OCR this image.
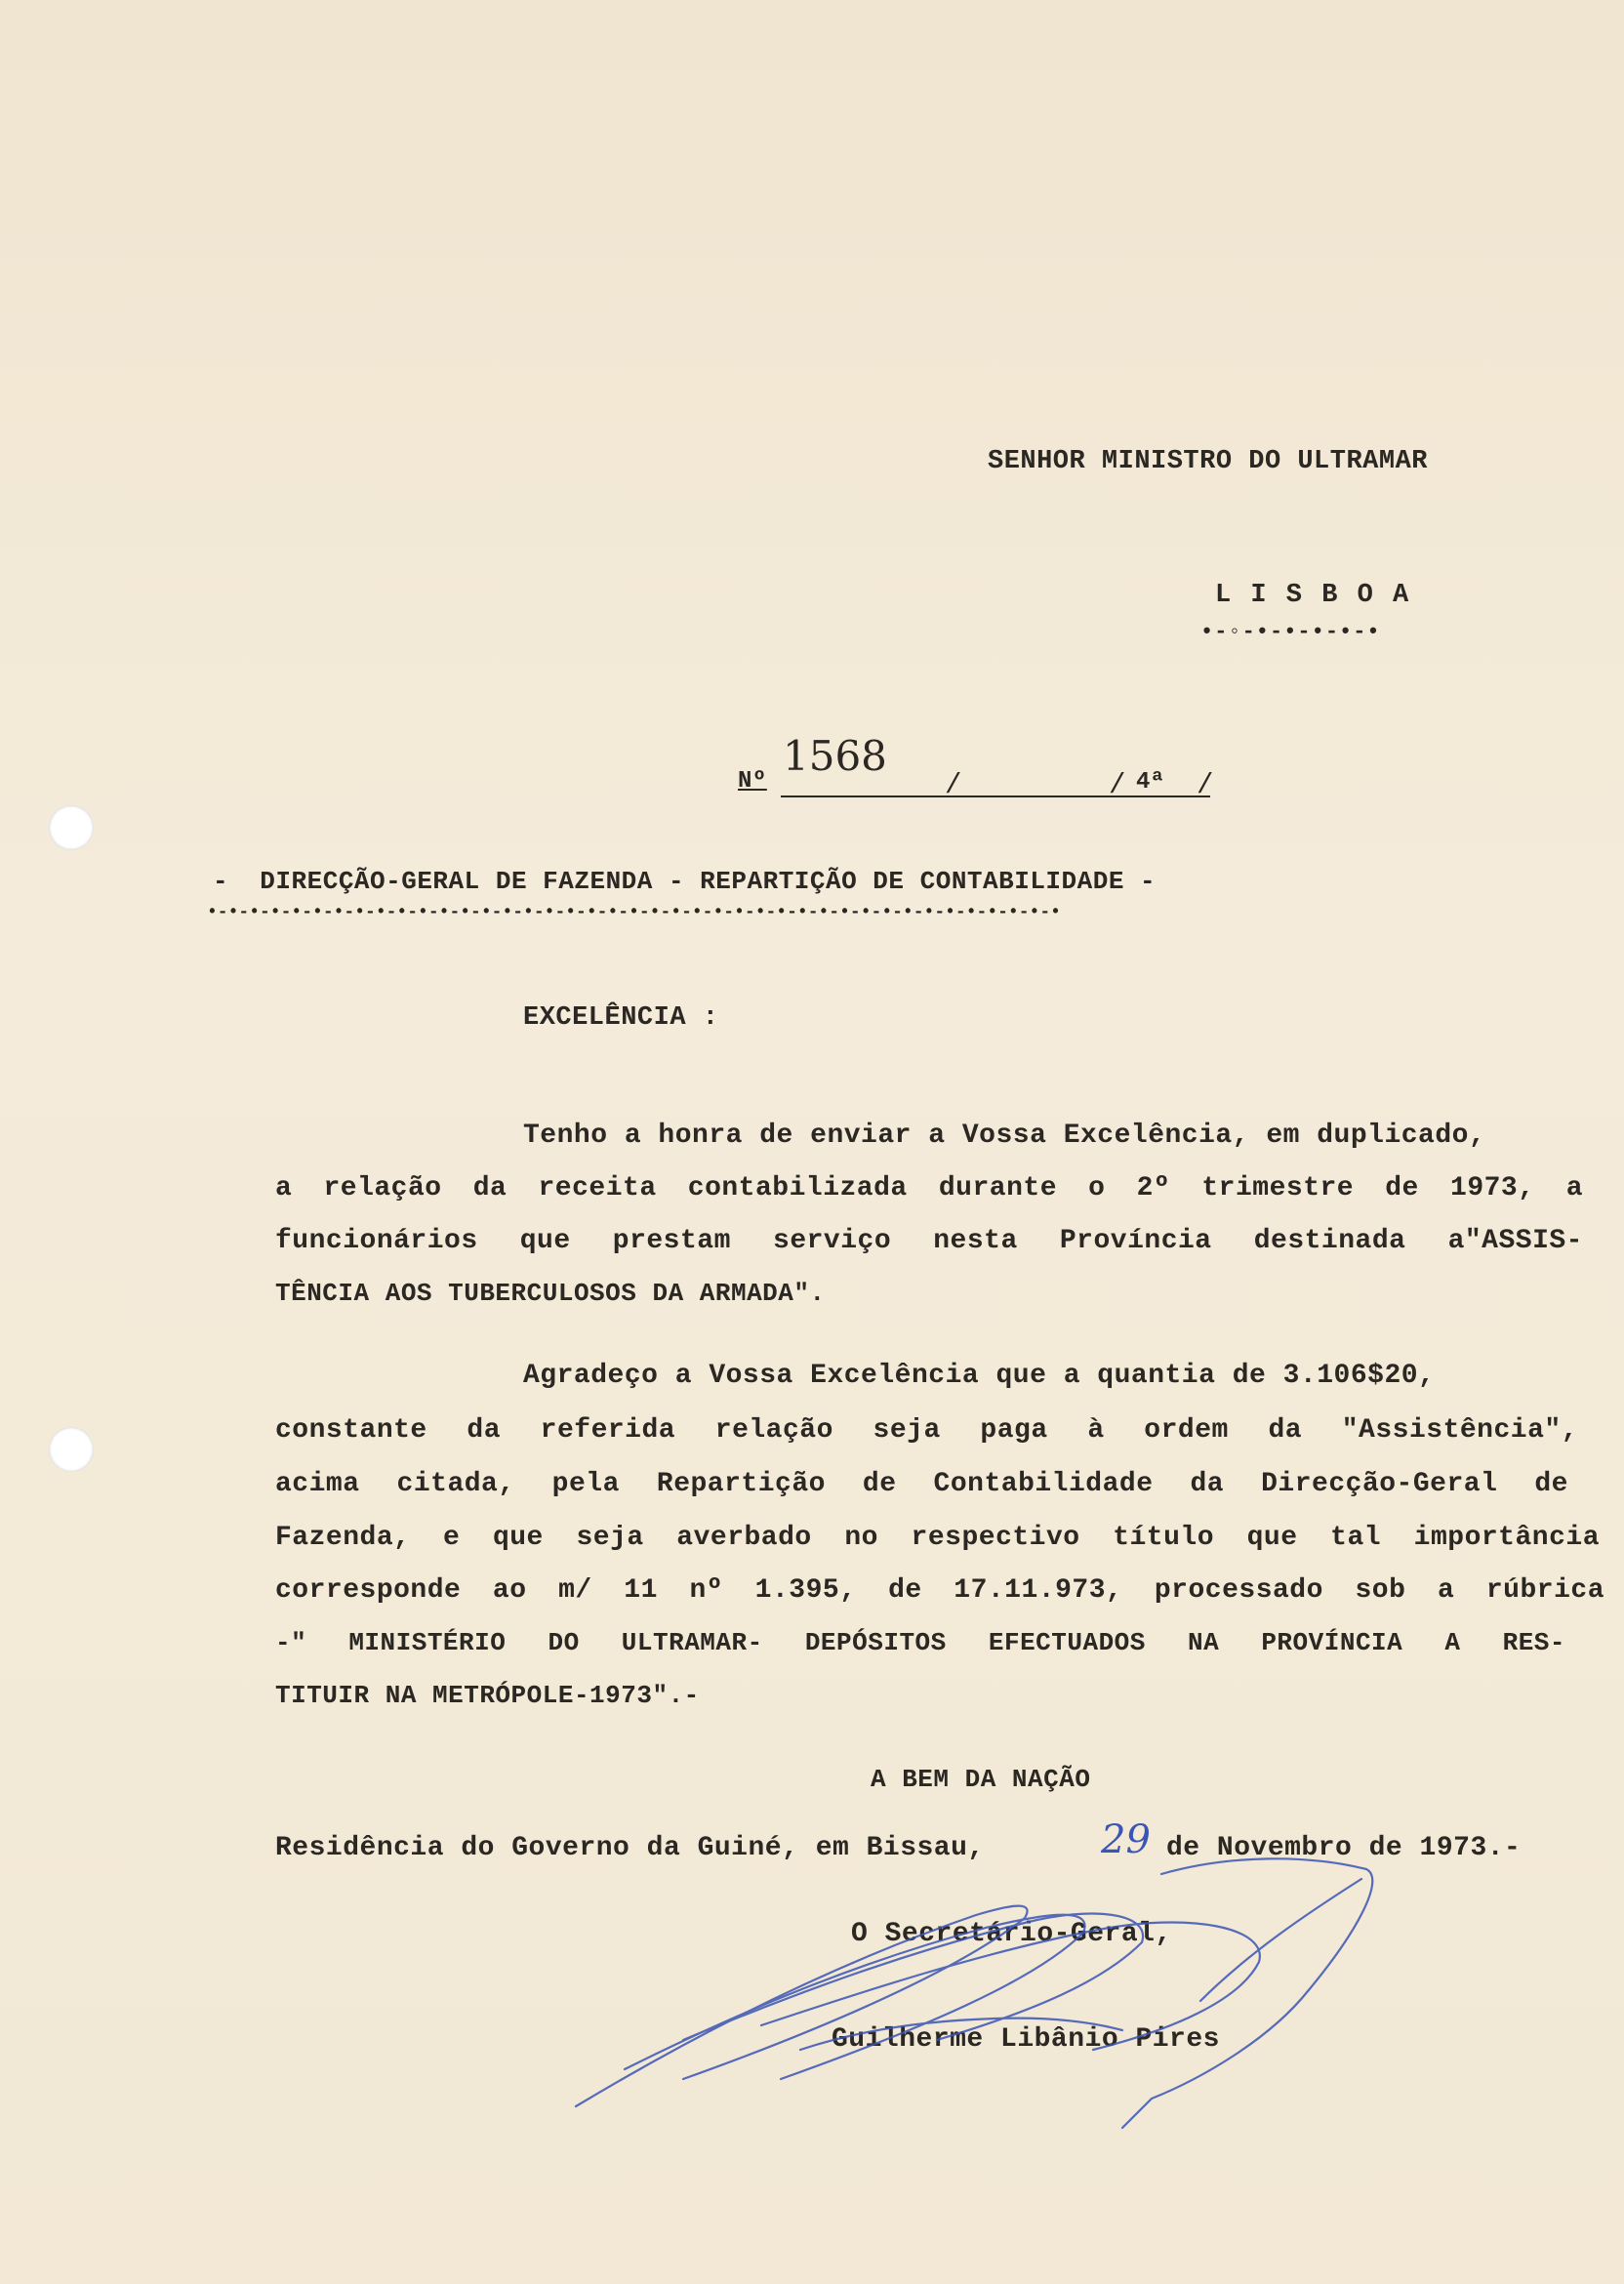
SENHOR MINISTRO DO ULTRAMAR
L I S B O A
•-◦-•-•-•-•-•
Nº
1568
/	/ 4ª /
-  DIRECÇÃO-GERAL DE FAZENDA - REPARTIÇÃO DE CONTABILIDADE -
•-•-•-•-•-•-•-•-•-•-•-•-•-•-•-•-•-•-•-•-•-•-•-•-•-•-•-•-•-•-•-•-•-•-•-•-•-•-•-•-•
EXCELÊNCIA :
Tenho a honra de enviar a Vossa Excelência, em duplicado,
a relação da receita contabilizada durante o 2º trimestre de 1973, a
funcionários que prestam serviço nesta Província destinada a"ASSIS-
TÊNCIA AOS TUBERCULOSOS DA ARMADA".
Agradeço a Vossa Excelência que a quantia de 3.106$20,
constante da referida relação seja paga à ordem da "Assistência",
acima citada, pela Repartição de Contabilidade da Direcção-Geral de
Fazenda, e que seja averbado no respectivo título que tal importância
corresponde ao m/ 11 nº 1.395, de 17.11.973, processado sob a rúbrica
-" MINISTÉRIO DO ULTRAMAR- DEPÓSITOS EFECTUADOS NA PROVÍNCIA A RES-
TITUIR NA METRÓPOLE-1973".-
A BEM DA NAÇÃO
Residência do Governo da Guiné, em Bissau,	29 de Novembro de 1973.-
O Secretário-Geral,
Guilherme Libânio Pires
